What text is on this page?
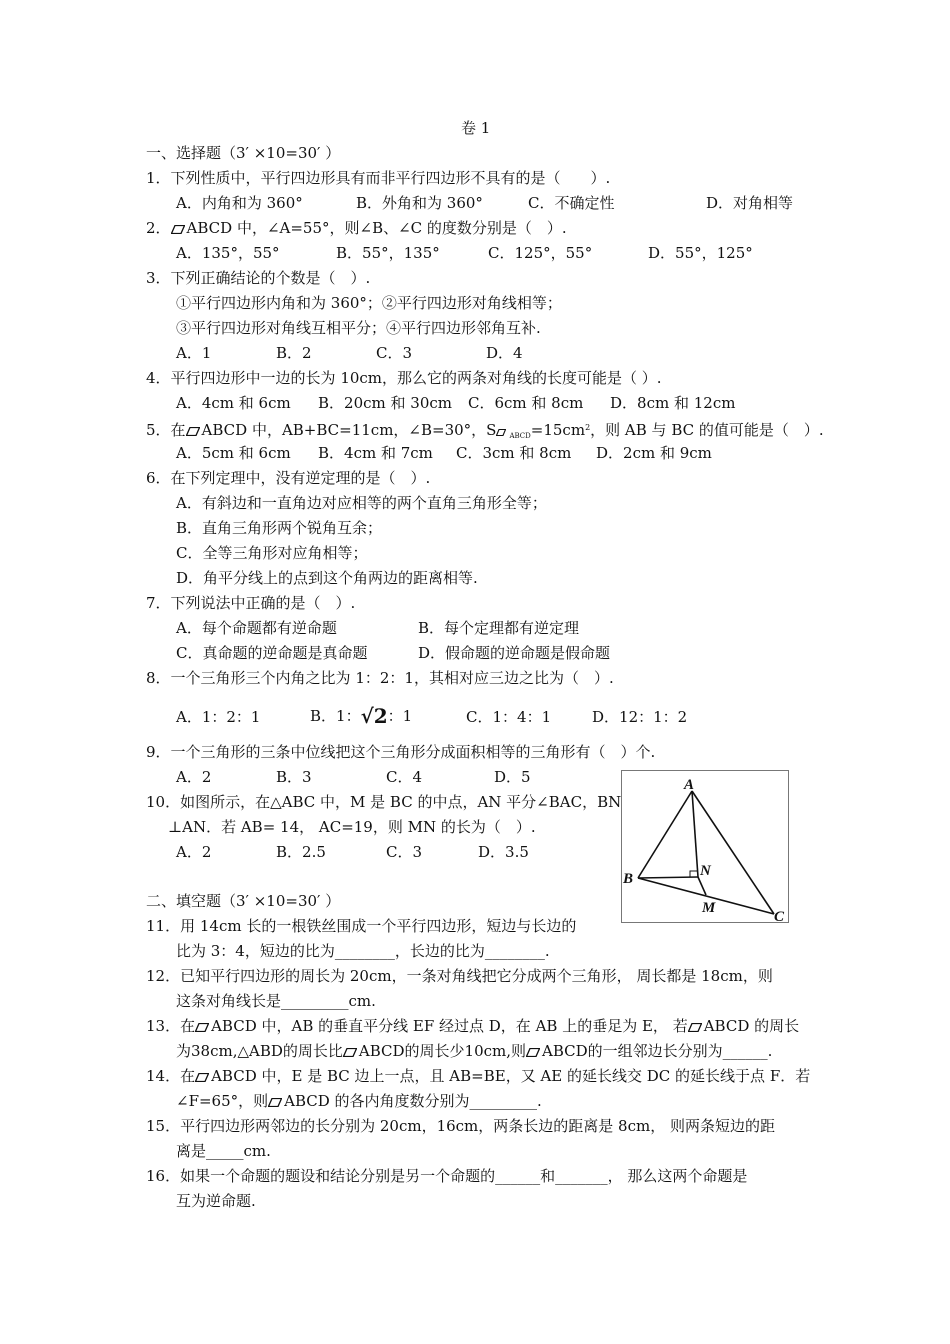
卷 1
一、选择题（3′ ×10=30′ ）
1．下列性质中，平行四边形具有而非平行四边形不具有的是（　　）.
A．内角和为 360°	B．外角和为 360°	C．不确定性	D．对角相等
2． ABCD 中，∠A=55°，则∠B、∠C 的度数分别是（　）.
A．135°，55°	B．55°，135°	C．125°，55°	D．55°，125°
3．下列正确结论的个数是（　）.
①平行四边形内角和为 360°；②平行四边形对角线相等；
③平行四边形对角线互相平分；④平行四边形邻角互补.
A．1	B．2	C．3	D．4
4．平行四边形中一边的长为 10cm，那么它的两条对角线的长度可能是（ ）.
A．4cm 和 6cm B．20cm 和 30cm C．6cm 和 8cm D．8cm 和 12cm
5．在 ABCD 中，AB+BC=11cm，∠B=30°，S $_{ABCD}=15cm^2$，则 AB 与 BC 的值可能是（　）.
A．5cm 和 6cm B．4cm 和 7cm C．3cm 和 8cm D．2cm 和 9cm
6．在下列定理中，没有逆定理的是（　）.
A．有斜边和一直角边对应相等的两个直角三角形全等；
B．直角三角形两个锐角互余；
C．全等三角形对应角相等；
D．角平分线上的点到这个角两边的距离相等.
7．下列说法中正确的是（　）.
A．每个命题都有逆命题	B．每个定理都有逆定理
C．真命题的逆命题是真命题	D．假命题的逆命题是假命题
8．一个三角形三个内角之比为 1：2：1，其相对应三边之比为（　）.
A．1：2：1	B．1：√2：1	C．1：4：1	D．12：1：2
9．一个三角形的三条中位线把这个三角形分成面积相等的三角形有（　）个.
A．2	B．3	C．4	D．5
10．如图所示，在△ABC 中，M 是 BC 的中点，AN 平分∠BAC，BN
⊥AN．若 AB= 14， AC=19，则 MN 的长为（　）.
A．2	B．2.5	C．3	D．3.5
A
B
C
N
M
二、填空题（3′ ×10=30′ ）
11．用 14cm 长的一根铁丝围成一个平行四边形，短边与长边的
比为 3：4，短边的比为________，长边的比为________.
12．已知平行四边形的周长为 20cm，一条对角线把它分成两个三角形， 周长都是 18cm，则
这条对角线长是_________cm.
13．在 ABCD 中，AB 的垂直平分线 EF 经过点 D，在 AB 上的垂足为 E， 若 ABCD 的周长
为38cm,△ABD的周长比 ABCD的周长少10cm,则 ABCD的一组邻边长分别为______.
14．在 ABCD 中，E 是 BC 边上一点，且 AB=BE，又 AE 的延长线交 DC 的延长线于点 F．若
∠F=65°，则 ABCD 的各内角度数分别为_________.
15．平行四边形两邻边的长分别为 20cm，16cm，两条长边的距离是 8cm， 则两条短边的距
离是_____cm.
16．如果一个命题的题设和结论分别是另一个命题的______和_______， 那么这两个命题是
互为逆命题.
